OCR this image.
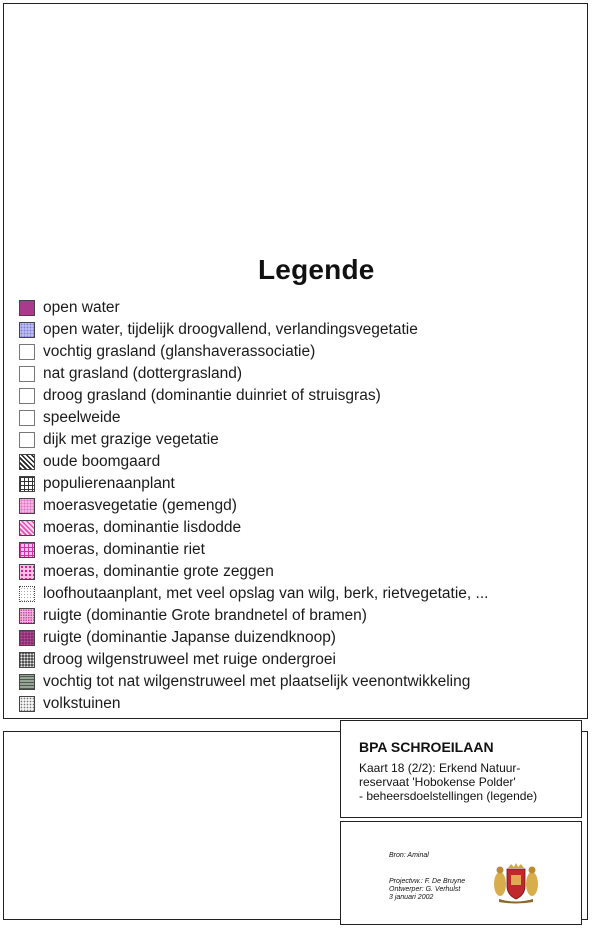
Legende
open water
open water, tijdelijk droogvallend, verlandingsvegetatie
vochtig grasland (glanshaverassociatie)
nat grasland (dottergrasland)
droog grasland (dominantie duinriet of struisgras)
speelweide
dijk met grazige vegetatie
oude boomgaard
populierenaanplant
moerasvegetatie (gemengd)
moeras, dominantie lisdodde
moeras, dominantie riet
moeras, dominantie grote zeggen
loofhoutaanplant, met veel opslag van wilg, berk, rietvegetatie, ...
ruigte (dominantie Grote brandnetel of bramen)
ruigte (dominantie Japanse duizendknoop)
droog wilgenstruweel met ruige ondergroei
vochtig tot nat wilgenstruweel met plaatselijk veenontwikkeling
volkstuinen
BPA SCHROEILAAN
Kaart 18 (2/2): Erkend Natuur-
reservaat 'Hobokense Polder'
- beheersdoelstellingen (legende)
Bron: Aminal
Projectvw.: F. De Bruyne
Ontwerper: G. Verhulst
3 januari 2002
